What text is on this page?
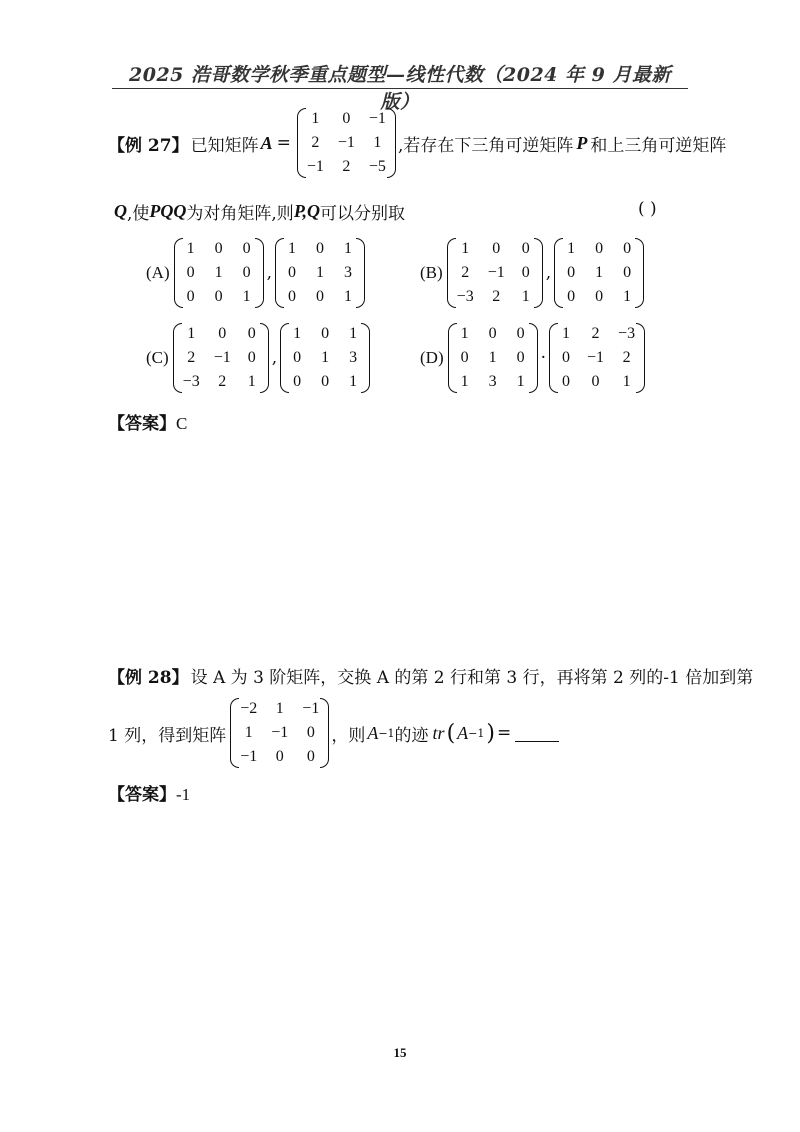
2025 浩哥数学秋季重点题型—线性代数（2024 年 9 月最新版）
【例 27】 已知矩阵 A =
1 0 −1
2 −1 1
−1 2 −5
,若存在下三角可逆矩阵 P 和上三角可逆矩阵
Q ,使 PQQ 为对角矩阵,则 P,Q 可以分别取	( )
(A)
1 0 0
0 1 0
0 0 1
,
1 0 1
0 1 3
0 0 1
(B)
1 0 0
2 −1 0
−3 2 1
,
1 0 0
0 1 0
0 0 1
(C)
1 0 0
2 −1 0
−3 2 1
,
1 0 1
0 1 3
0 0 1
(D)
1 0 0
0 1 0
1 3 1
·
1 2 −3
0 −1 2
0 0 1
【答案】C
【例 28】 设 A 为 3 阶矩阵，交换 A 的第 2 行和第 3 行，再将第 2 列的-1 倍加到第
1 列，得到矩阵
−2 1 −1
1 −1 0
−1 0 0
，则 A −1 的迹 tr ( A −1 ) =
【答案】-1
15
